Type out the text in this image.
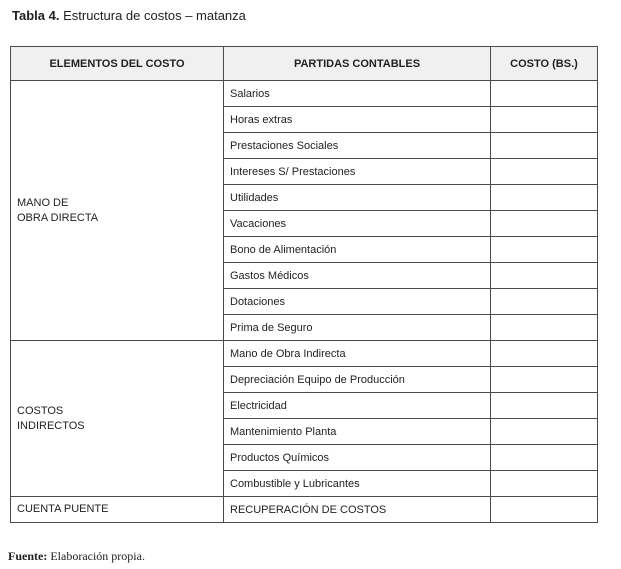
Tabla 4. Estructura de costos – matanza
ELEMENTOS DEL COSTO	PARTIDAS CONTABLES	COSTO (BS.)
MANO DE
OBRA DIRECTA	Salarios	
	Horas extras	
	Prestaciones Sociales	
	Intereses S/ Prestaciones	
	Utilidades	
	Vacaciones	
	Bono de Alimentación	
	Gastos Médicos	
	Dotaciones	
	Prima de Seguro	
COSTOS
INDIRECTOS	Mano de Obra Indirecta	
	Depreciación Equipo de Producción	
	Electricidad	
	Mantenimiento Planta	
	Productos Químicos	
	Combustible y Lubricantes	
CUENTA PUENTE	RECUPERACIÓN DE COSTOS	
Fuente: Elaboración propia.
